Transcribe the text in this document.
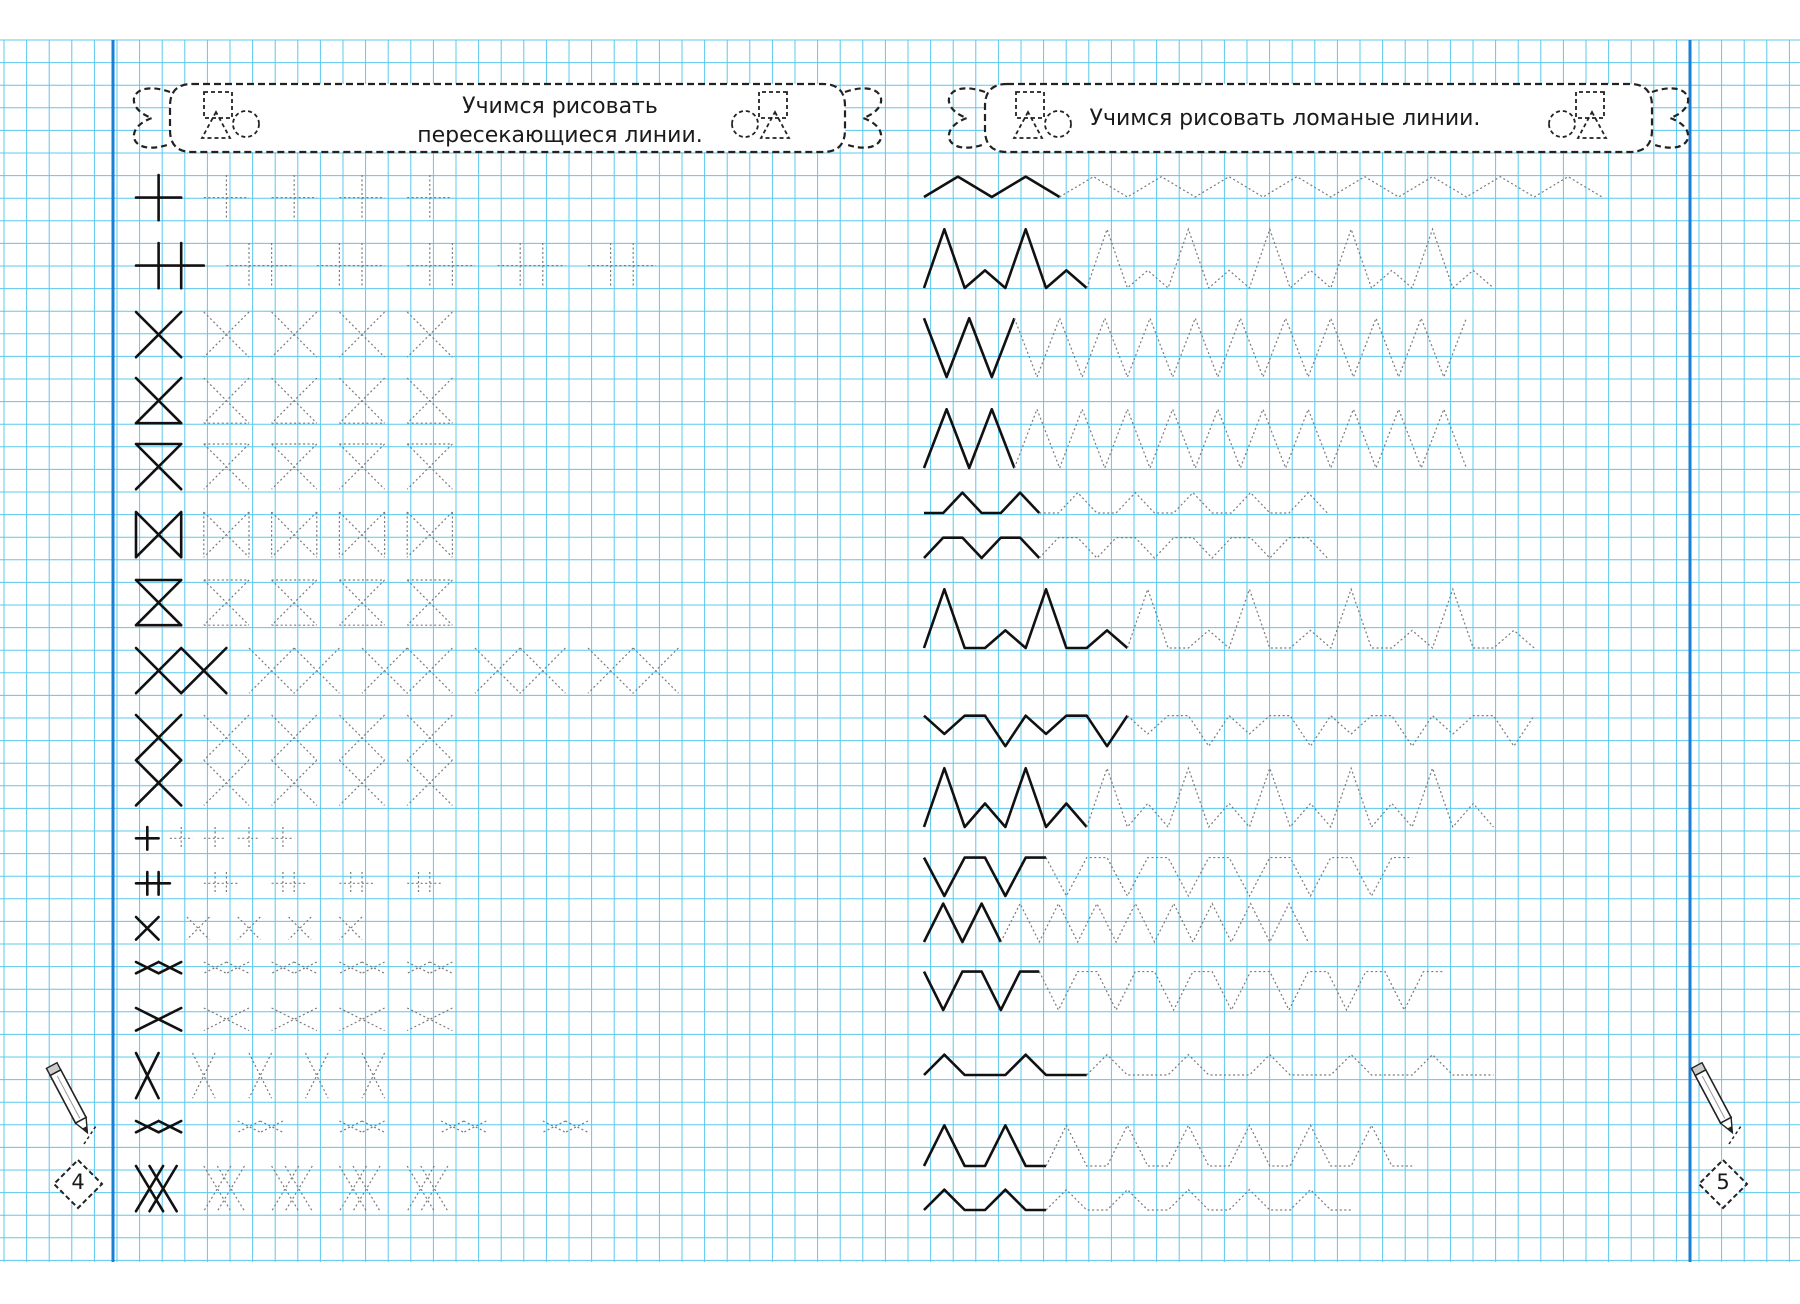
Учимся рисовать
пересекающиеся линии.
Учимся рисовать ломаные линии.
4	5
